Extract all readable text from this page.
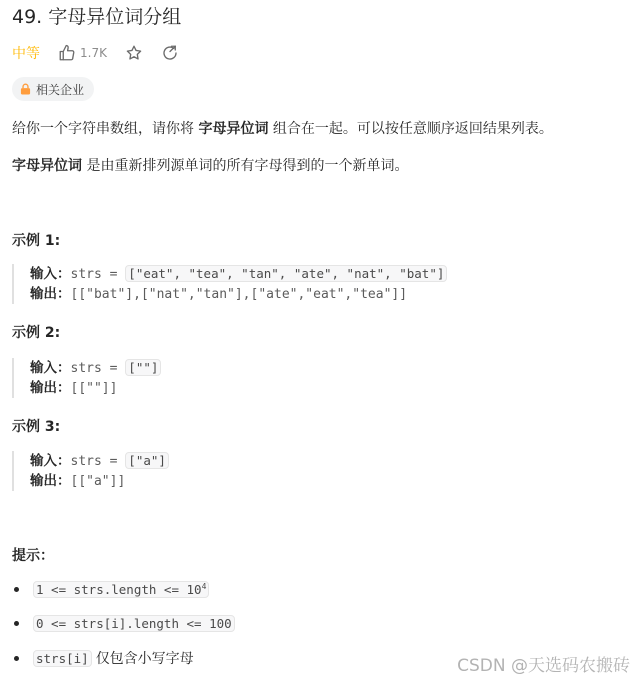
49. 字母异位词分组
中等	1.7K
相关企业
给你一个字符串数组，请你将 字母异位词 组合在一起。可以按任意顺序返回结果列表。
字母异位词 是由重新排列源单词的所有字母得到的一个新单词。
示例 1:
输入：strs = ["eat", "tea", "tan", "ate", "nat", "bat"]
输出：[["bat"],["nat","tan"],["ate","eat","tea"]]
示例 2:
输入：strs = [""]
输出：[[""]]
示例 3:
输入：strs = ["a"]
输出：[["a"]]
提示：
1 <= strs.length <= $10^4$
0 <= strs[i].length <= 100
strs[i] 仅包含小写字母	CSDN @天选码农搬砖
